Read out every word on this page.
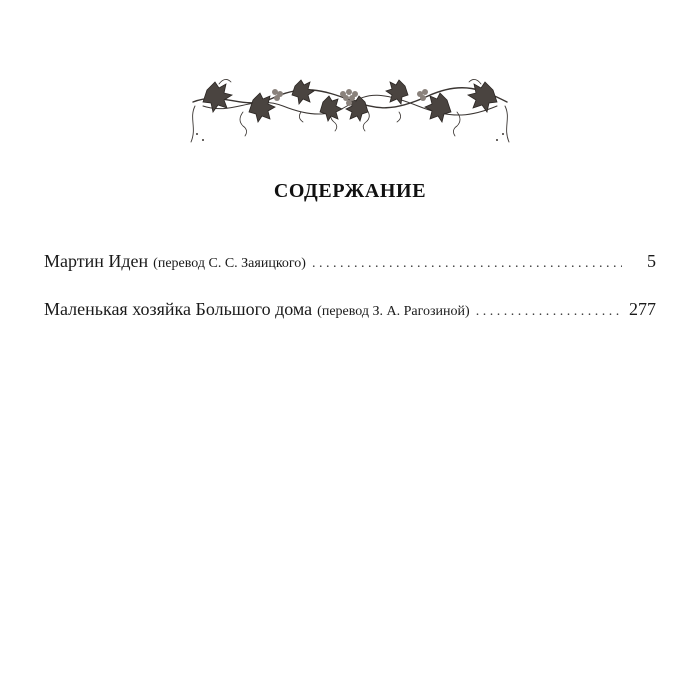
СОДЕРЖАНИЕ
Мартин Иден (перевод С. С. Заяицкого) . . .	5
Маленькая хозяйка Большого дома (перевод З. А. Рагозиной) . . .	277
